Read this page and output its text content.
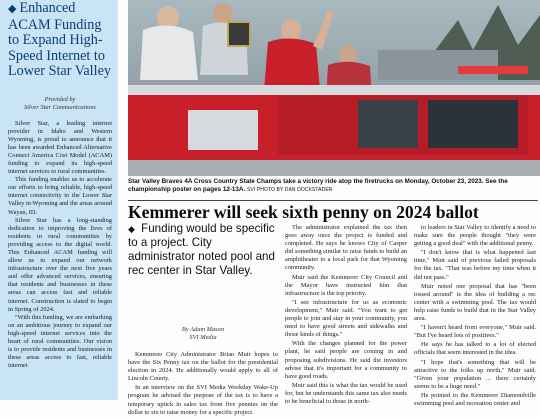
◆ Enhanced ACAM Funding to Expand High-Speed Internet to Lower Star Valley
Provided by
Silver Star Communications

Silver Star, a leading internet provider in Idaho and Western Wyoming, is proud to announce that it has been awarded Enhanced Alternative Connect America Cost Model (ACAM) funding to expand its high-speed internet services to rural communities.

This funding enables us to accelerate our efforts to bring reliable, high-speed internet connectivity to the Lower Star Valley in Wyoming and the areas around Wayan, ID.

Silver Star has a long-standing dedication to improving the lives of residents in rural communities by providing access to the digital world. This Enhanced ACAM funding will allow us to expand our network infrastructure over the next five years and offer advanced services, ensuring that residents and businesses in these areas can access fast and reliable internet. Construction is slated to begin in Spring of 2024.

"With this funding, we are embarking on an ambitious journey to expand our high-speed internet services into the heart of rural communities. Our vision is to provide residents and businesses in these areas access to fast, reliable internet

Star Valley Braves 4A Cross Country State Champs take a victory ride atop the firetrucks on Monday, October 23, 2023. See the championship poster on pages 12-13A. SVI PHOTO BY DAN DOCKSTADER
Kemmerer will seek sixth penny on 2024 ballot
◆ Funding would be specific to a project. City administrator noted pool and rec center in Star Valley.
By Adam Mason
SVI Media

Kemmerer City Administrator Brian Muir hopes to have the Six Penny tax on the ballot for the presidential election in 2024. He additionally would apply to all of Lincoln County.

In an interview on the SVI Media Weekday Wake-Up program he advised the purpose of the tax is to have a temporary uptick in sales tax from five pennies on the dollar to six to raise money for a specific project.

The administrator explained the tax then goes away once the project is funded and completed. He says he knows City of Casper did something similar to raise funds to build an amphitheater to a local park for that Wyoming community.

Muir said the Kemmerer City Council and the Mayor have instructed him that infrastructure is the top priority.

"I see infrastructure for us as economic development," Muir said. "You want to get people to join and stay in your community, you need to have good streets and sidewalks and those kinds of things."

With the changes planned for the power plant, he said people are coming in and proposing subdivisions. He said the investors advise that it's important for a community to have good roads.

Muir said this is what the tax would be used for, but he understands this same tax also needs to be beneficial to those in north-

to leaders in Star Valley to identify a need to make sure the people thought "they were getting a good deal" with the additional penny.

"I don't know that is what happened last time," Muir said of previous failed proposals for the tax. "That was before my time when it did not pass."

Muir noted one proposal that has "been tossed around" is the idea of building a rec center with a swimming pool. The tax would help raise funds to build that in the Star Valley area.

"I haven't heard from everyone," Muir said. "But I've heard lots of positives."

He says he has talked to a lot of elected officials that seem interested in the idea.

"I hope that's something that will be attractive to the folks up north," Muir said. "Given your population ... there certainly seems to be a huge need."

He pointed to the Kemmerer Diamondville swimming pool and recreation center and
